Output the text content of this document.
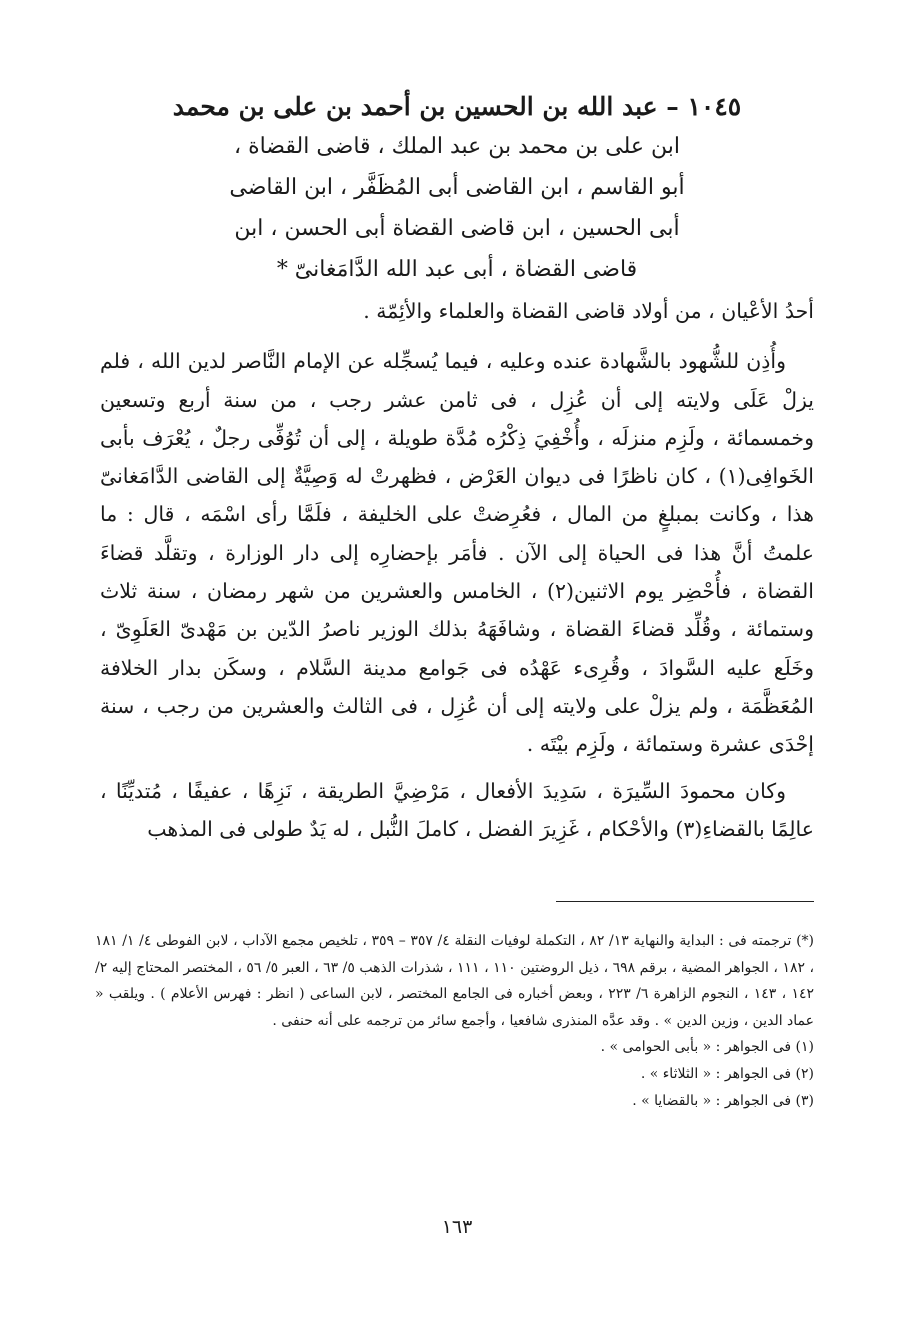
١٠٤٥ – عبد الله بن الحسين بن أحمد بن على بن محمد
ابن على بن محمد بن عبد الملك ، قاضى القضاة ،
أبو القاسم ، ابن القاضى أبى المُظَفَّر ، ابن القاضى
أبى الحسين ، ابن قاضى القضاة أبى الحسن ، ابن
قاضى القضاة ، أبى عبد الله الدَّامَغانىّ *

أحدُ الأعْيان ، من أولاد قاضى القضاة والعلماء والأئِمّة .

وأُذِن للشُّهود بالشَّهادة عنده وعليه ، فيما يُسجِّله عن الإمام النَّاصر لدين الله ، فلم يزلْ عَلَى ولايته إلى أن عُزِل ، فى ثامن عشر رجب ، من سنة أربع وتسعين وخمسمائة ، ولَزِم منزلَه ، وأُخْفِيَ ذِكْرُه مُدَّة طويلة ، إلى أن تُوُفِّى رجلٌ ، يُعْرَف بأبى الخَوافِى(١) ، كان ناظرًا فى ديوان العَرْض ، فظهرتْ له وَصِيَّةٌ إلى القاضى الدَّامَغانىّ هذا ، وكانت بمبلغٍ من المال ، فعُرِضتْ على الخليفة ، فلَمَّا رأى اسْمَه ، قال : ما علمتُ أنَّ هذا فى الحياة إلى الآن . فأمَر بإحضارِه إلى دار الوزارة ، وتقلَّد قضاءَ القضاة ، فأُحْضِر يوم الاثنين(٢) ، الخامس والعشرين من شهر رمضان ، سنة ثلاث وستمائة ، وقُلِّد قضاءَ القضاة ، وشافَهَهُ بذلك الوزير ناصرُ الدّين بن مَهْدىّ العَلَوِىّ ، وخَلَع عليه السَّوادَ ، وقُرِىء عَهْدُه فى جَوامع مدينة السَّلام ، وسكَن بدار الخلافة المُعَظَّمَة ، ولم يزلْ على ولايته إلى أن عُزِل ، فى الثالث والعشرين من رجب ، سنة إحْدَى عشرة وستمائة ، ولَزِم بيْتَه .

وكان محمودَ السِّيرَة ، سَدِيدَ الأفعال ، مَرْضِيَّ الطريقة ، نَزِهًا ، عفيفًا ، مُتديِّنًا ، عالِمًا بالقضاءِ(٣) والأحْكام ، غَزِيرَ الفضل ، كاملَ النُّبل ، له يَدٌ طولى فى المذهب

(*) ترجمته فى : البداية والنهاية ١٣/ ٨٢ ، التكملة لوفيات النقلة ٤/ ٣٥٧ – ٣٥٩ ، تلخيص مجمع الآداب ، لابن الفوطى ٤/ ١/ ١٨١ ، ١٨٢ ، الجواهر المضية ، برقم ٦٩٨ ، ذيل الروضتين ١١٠ ، ١١١ ، شذرات الذهب ٥/ ٦٣ ، العبر ٥/ ٥٦ ، المختصر المحتاج إليه ٢/ ١٤٢ ، ١٤٣ ، النجوم الزاهرة ٦/ ٢٢٣ ، وبعض أخباره فى الجامع المختصر ، لابن الساعى ( انظر : فهرس الأعلام ) . ويلقب « عماد الدين ، وزين الدين » . وقد عدَّه المنذرى شافعيا ، وأجمع سائر من ترجمه على أنه حنفى .

(١) فى الجواهر : « بأبى الحوامى » .

(٢) فى الجواهر : « الثلاثاء » .

(٣) فى الجواهر : « بالقضايا » .

١٦٣
